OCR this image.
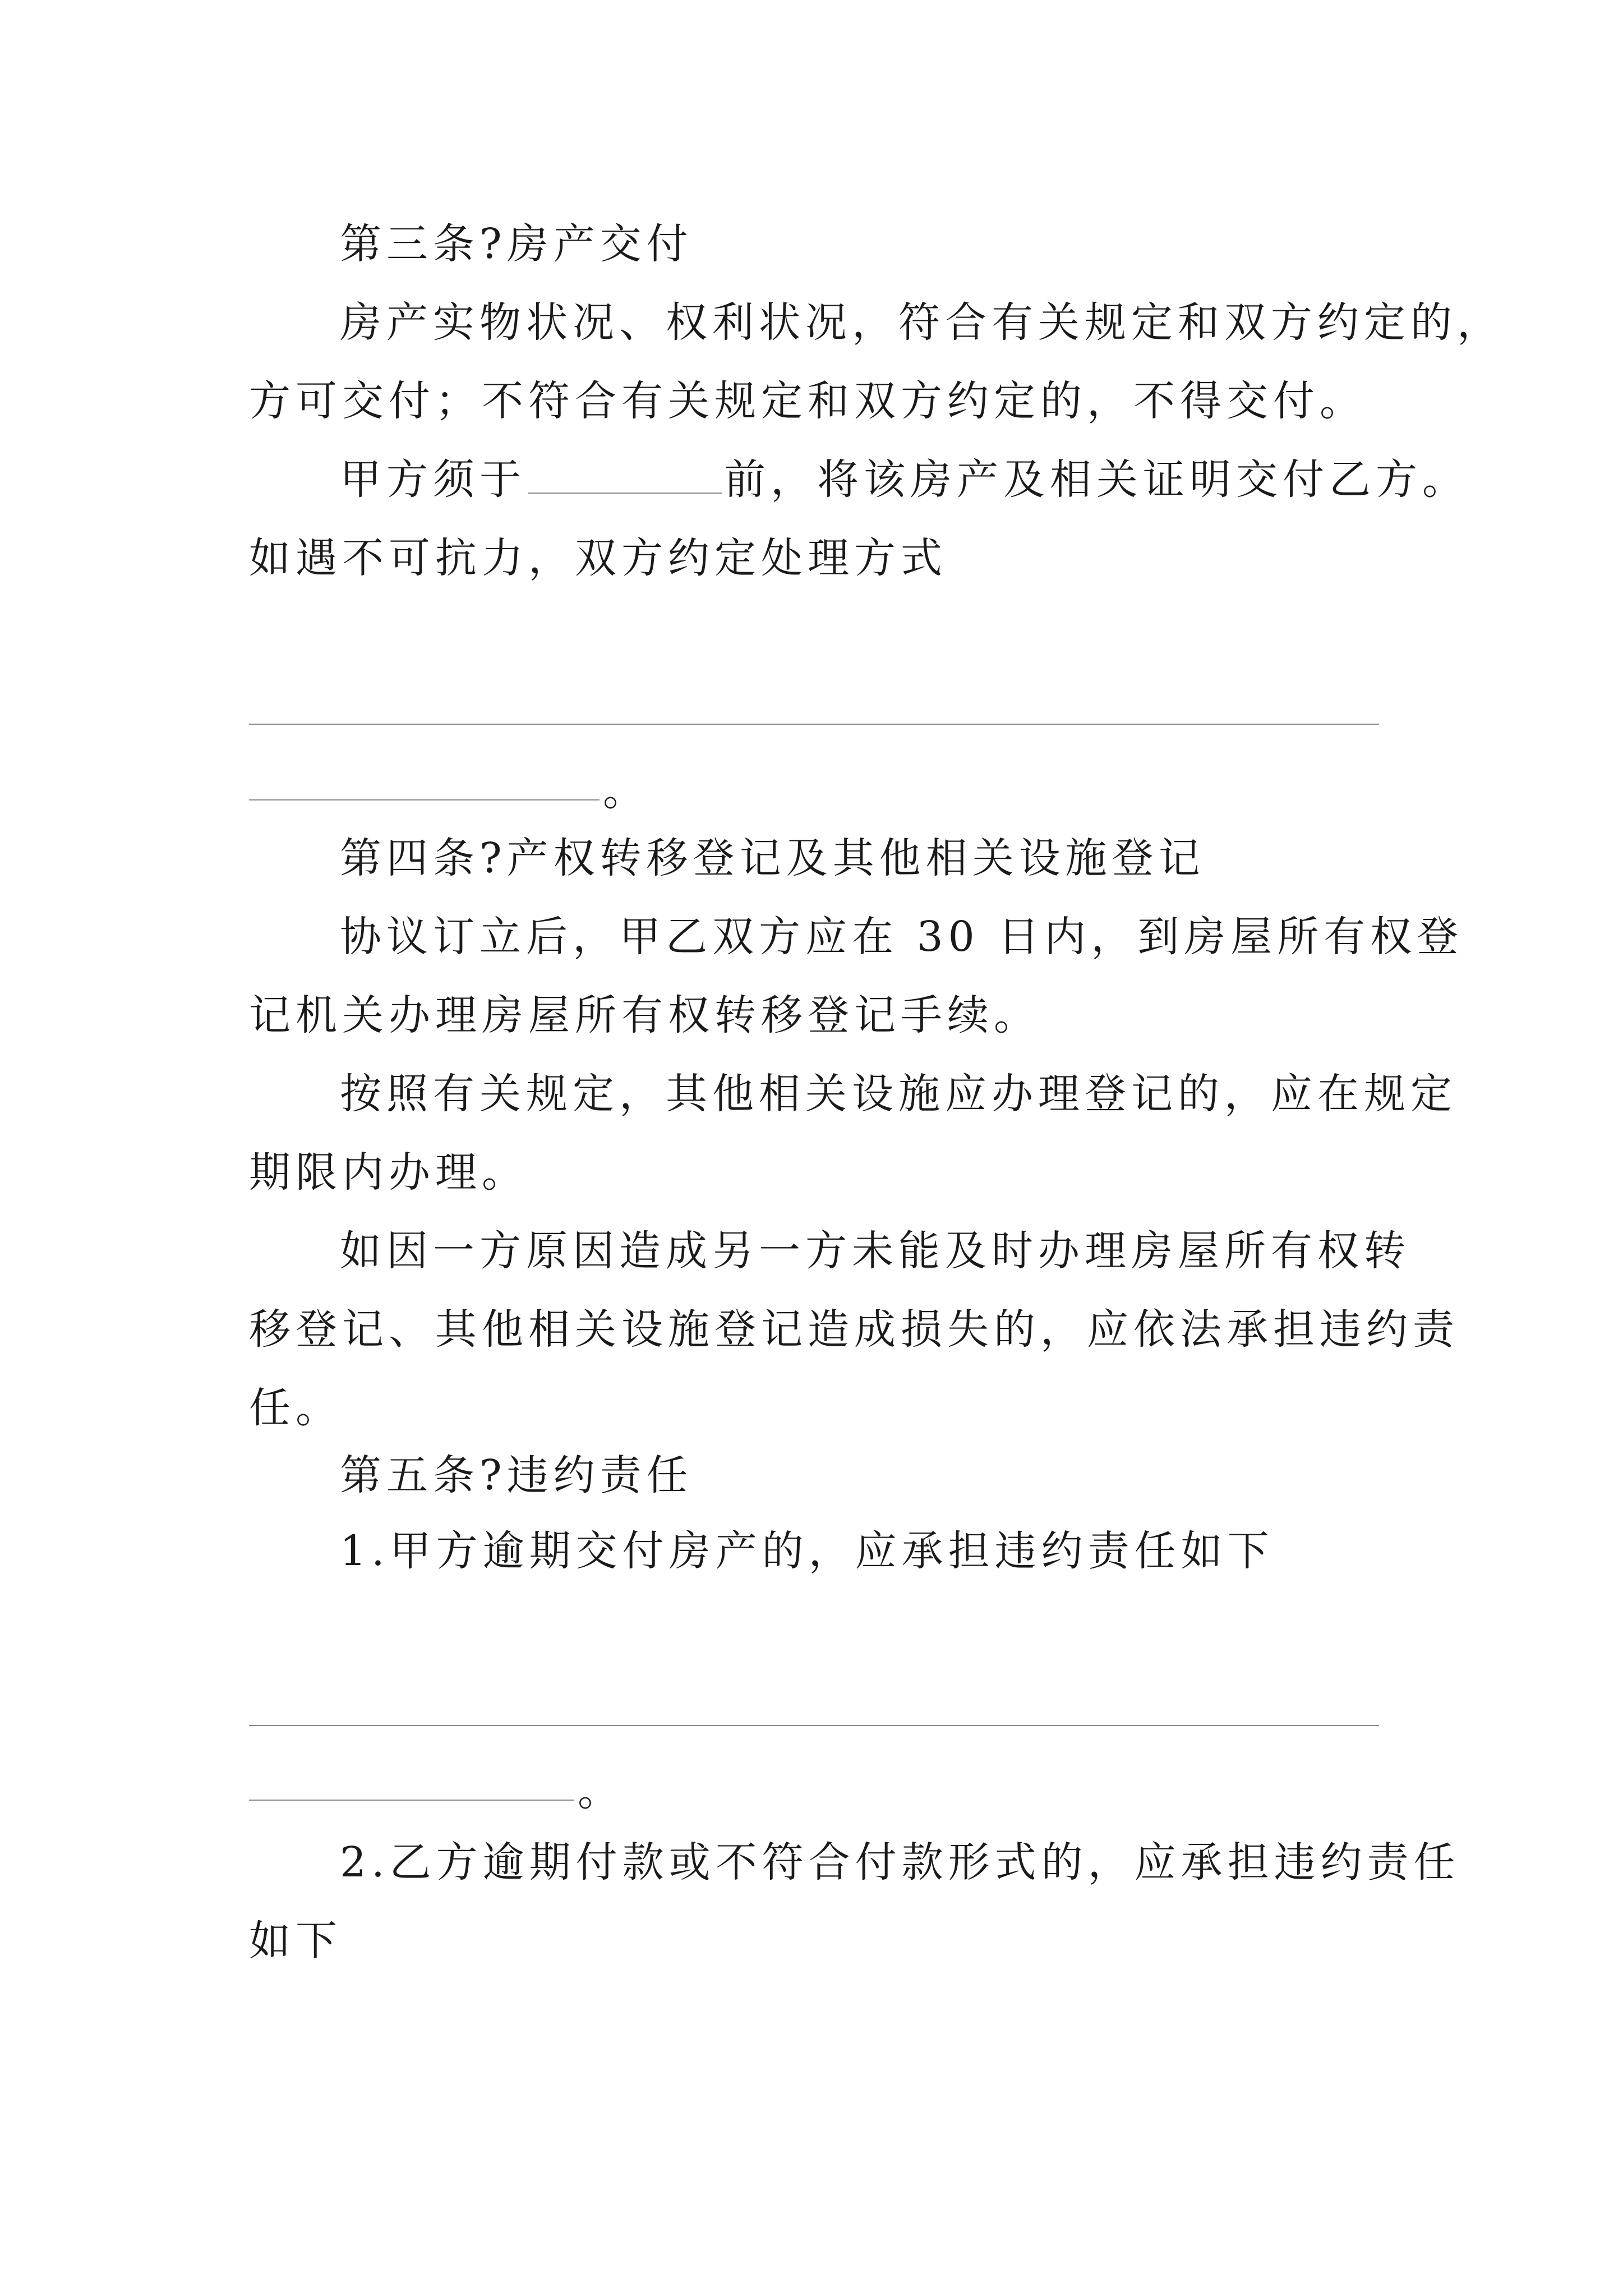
第三条?房产交付
房产实物状况、权利状况，符合有关规定和双方约定的，
方可交付；不符合有关规定和双方约定的，不得交付。
甲方须于	前，将该房产及相关证明交付乙方。
如遇不可抗力，双方约定处理方式
。
第四条?产权转移登记及其他相关设施登记
协议订立后，甲乙双方应在 30 日内，到房屋所有权登
记机关办理房屋所有权转移登记手续。
按照有关规定，其他相关设施应办理登记的，应在规定
期限内办理。
如因一方原因造成另一方未能及时办理房屋所有权转
移登记、其他相关设施登记造成损失的，应依法承担违约责
任。
第五条?违约责任
1.甲方逾期交付房产的，应承担违约责任如下
。
2.乙方逾期付款或不符合付款形式的，应承担违约责任
如下
